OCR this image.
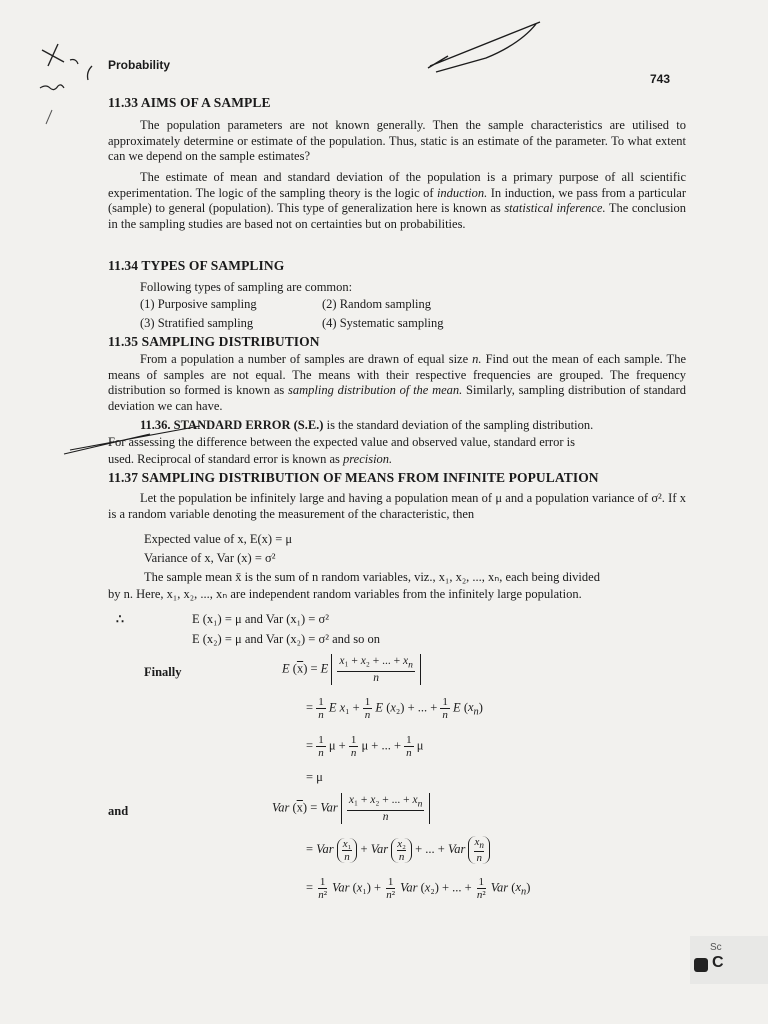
Probability
743
11.33 AIMS OF A SAMPLE
The population parameters are not known generally. Then the sample characteristics are utilised to approximately determine or estimate of the population. Thus, static is an estimate of the parameter. To what extent can we depend on the sample estimates?
The estimate of mean and standard deviation of the population is a primary purpose of all scientific experimentation. The logic of the sampling theory is the logic of induction. In induction, we pass from a particular (sample) to general (population). This type of generalization here is known as statistical inference. The conclusion in the sampling studies are based not on certainties but on probabilities.
11.34 TYPES OF SAMPLING
Following types of sampling are common:
(1) Purposive sampling	(2) Random sampling
(3) Stratified sampling	(4) Systematic sampling
11.35 SAMPLING DISTRIBUTION
From a population a number of samples are drawn of equal size n. Find out the mean of each sample. The means of samples are not equal. The means with their respective frequencies are grouped. The frequency distribution so formed is known as sampling distribution of the mean. Similarly, sampling distribution of standard deviation we can have.
11.36. STANDARD ERROR (S.E.) is the standard deviation of the sampling distribution.
For assessing the difference between the expected value and observed value, standard error is
used. Reciprocal of standard error is known as precision.
11.37 SAMPLING DISTRIBUTION OF MEANS FROM INFINITE POPULATION
Let the population be infinitely large and having a population mean of μ and a population variance of σ². If x is a random variable denoting the measurement of the characteristic, then
Expected value of x, E(x) = μ
Variance of x, Var (x) = σ²
The sample mean x̄ is the sum of n random variables, viz., x₁, x₂, ..., xₙ, each being divided
by n. Here, x₁, x₂, ..., xₙ are independent random variables from the infinitely large population.
∴	E (x₁) = μ and Var (x₁) = σ²
E (x₂) = μ and Var (x₂) = σ² and so on
Finally	E $(\overline{x}) = E \frac{x_1 + x_2 + ... + x_n}{n}$
= $\frac{1}{n}$ E $x_1 + \frac{1}{n}$ E (x₂) + ... + $\frac{1}{n}$ E $(x_n)$
= $\frac{1}{n}$ $\mu + \frac{1}{n}$ μ + ... + $\frac{1}{n}$ μ
= μ
and	Var $(\overline{x})$ = Var $\frac{x_1 + x_2 + ... + x_n}{n}$
= Var $\frac{\text{x₁}}{n}$ + Var $\frac{\text{x₂}}{n}$ + ... + Var $\frac{x_n}{n}$
= $\frac{1}{\text{n²}}$ Var $(x_1) + \frac{1}{\text{n²}}$ Var (x₂) + ... + $\frac{1}{\text{n²}}$ Var $(x_n)$
Sc
C
